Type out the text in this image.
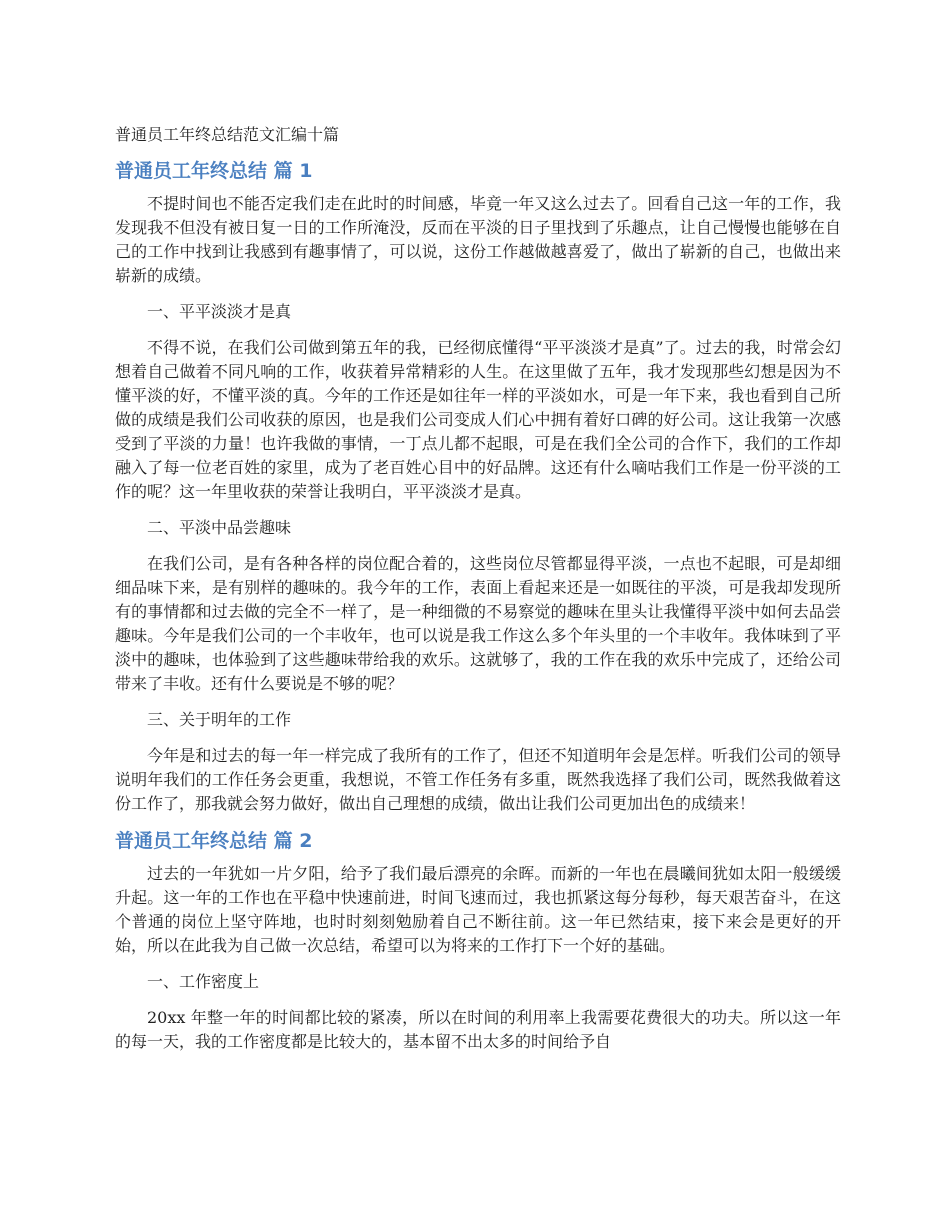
普通员工年终总结范文汇编十篇
普通员工年终总结 篇 1

不提时间也不能否定我们走在此时的时间感，毕竟一年又这么过去了。回看自己这一年的工作，我发现我不但没有被日复一日的工作所淹没，反而在平淡的日子里找到了乐趣点，让自己慢慢也能够在自己的工作中找到让我感到有趣事情了，可以说，这份工作越做越喜爱了，做出了崭新的自己，也做出来崭新的成绩。

一、平平淡淡才是真

不得不说，在我们公司做到第五年的我，已经彻底懂得“平平淡淡才是真”了。过去的我，时常会幻想着自己做着不同凡响的工作，收获着异常精彩的人生。在这里做了五年，我才发现那些幻想是因为不懂平淡的好，不懂平淡的真。今年的工作还是如往年一样的平淡如水，可是一年下来，我也看到自己所做的成绩是我们公司收获的原因，也是我们公司变成人们心中拥有着好口碑的好公司。这让我第一次感受到了平淡的力量！也许我做的事情，一丁点儿都不起眼，可是在我们全公司的合作下，我们的工作却融入了每一位老百姓的家里，成为了老百姓心目中的好品牌。这还有什么嘀咕我们工作是一份平淡的工作的呢？这一年里收获的荣誉让我明白，平平淡淡才是真。

二、平淡中品尝趣味

在我们公司，是有各种各样的岗位配合着的，这些岗位尽管都显得平淡，一点也不起眼，可是却细细品味下来，是有别样的趣味的。我今年的工作，表面上看起来还是一如既往的平淡，可是我却发现所有的事情都和过去做的完全不一样了，是一种细微的不易察觉的趣味在里头让我懂得平淡中如何去品尝趣味。今年是我们公司的一个丰收年，也可以说是我工作这么多个年头里的一个丰收年。我体味到了平淡中的趣味，也体验到了这些趣味带给我的欢乐。这就够了，我的工作在我的欢乐中完成了，还给公司带来了丰收。还有什么要说是不够的呢？

三、关于明年的工作

今年是和过去的每一年一样完成了我所有的工作了，但还不知道明年会是怎样。听我们公司的领导说明年我们的工作任务会更重，我想说，不管工作任务有多重，既然我选择了我们公司，既然我做着这份工作了，那我就会努力做好，做出自己理想的成绩，做出让我们公司更加出色的成绩来！

普通员工年终总结 篇 2

过去的一年犹如一片夕阳，给予了我们最后漂亮的余晖。而新的一年也在晨曦间犹如太阳一般缓缓升起。这一年的工作也在平稳中快速前进，时间飞速而过，我也抓紧这每分每秒，每天艰苦奋斗，在这个普通的岗位上坚守阵地，也时时刻刻勉励着自己不断往前。这一年已然结束，接下来会是更好的开始，所以在此我为自己做一次总结，希望可以为将来的工作打下一个好的基础。

一、工作密度上

20xx 年整一年的时间都比较的紧凑，所以在时间的利用率上我需要花费很大的功夫。所以这一年的每一天，我的工作密度都是比较大的，基本留不出太多的时间给予自
